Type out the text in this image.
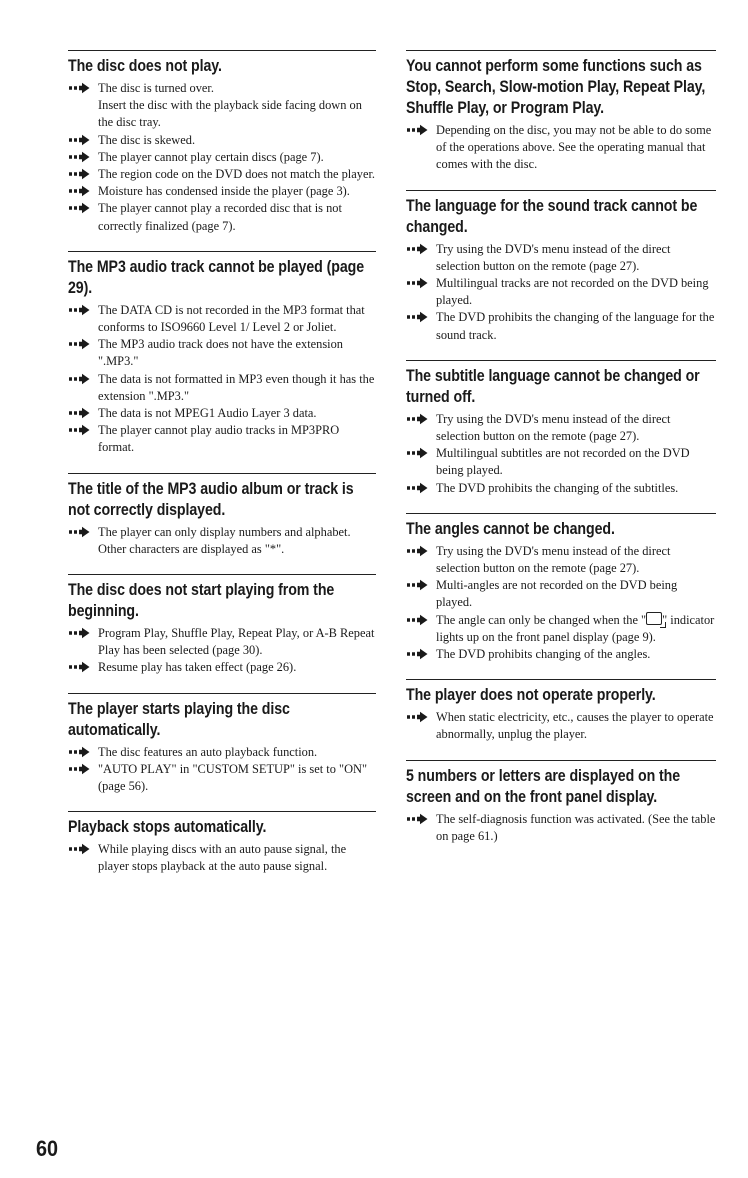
The disc does not play.
The disc is turned over.
Insert the disc with the playback side facing down on the disc tray.
The disc is skewed.
The player cannot play certain discs (page 7).
The region code on the DVD does not match the player.
Moisture has condensed inside the player (page 3).
The player cannot play a recorded disc that is not correctly finalized (page 7).
The MP3 audio track cannot be played (page 29).
The DATA CD is not recorded in the MP3 format that conforms to ISO9660 Level 1/ Level 2 or Joliet.
The MP3 audio track does not have the extension ".MP3."
The data is not formatted in MP3 even though it has the extension ".MP3."
The data is not MPEG1 Audio Layer 3 data.
The player cannot play audio tracks in MP3PRO format.
The title of the MP3 audio album or track is not correctly displayed.
The player can only display numbers and alphabet. Other characters are displayed as "*".
The disc does not start playing from the beginning.
Program Play, Shuffle Play, Repeat Play, or A-B Repeat Play has been selected (page 30).
Resume play has taken effect (page 26).
The player starts playing the disc automatically.
The disc features an auto playback function.
"AUTO PLAY" in "CUSTOM SETUP" is set to "ON" (page 56).
Playback stops automatically.
While playing discs with an auto pause signal, the player stops playback at the auto pause signal.
You cannot perform some functions such as Stop, Search, Slow-motion Play, Repeat Play, Shuffle Play, or Program Play.
Depending on the disc, you may not be able to do some of the operations above. See the operating manual that comes with the disc.
The language for the sound track cannot be changed.
Try using the DVD's menu instead of the direct selection button on the remote (page 27).
Multilingual tracks are not recorded on the DVD being played.
The DVD prohibits the changing of the language for the sound track.
The subtitle language cannot be changed or turned off.
Try using the DVD's menu instead of the direct selection button on the remote (page 27).
Multilingual subtitles are not recorded on the DVD being played.
The DVD prohibits the changing of the subtitles.
The angles cannot be changed.
Try using the DVD's menu instead of the direct selection button on the remote (page 27).
Multi-angles are not recorded on the DVD being played.
The angle can only be changed when the " " indicator lights up on the front panel display (page 9).
The DVD prohibits changing of the angles.
The player does not operate properly.
When static electricity, etc., causes the player to operate abnormally, unplug the player.
5 numbers or letters are displayed on the screen and on the front panel display.
The self-diagnosis function was activated. (See the table on page 61.)
60
